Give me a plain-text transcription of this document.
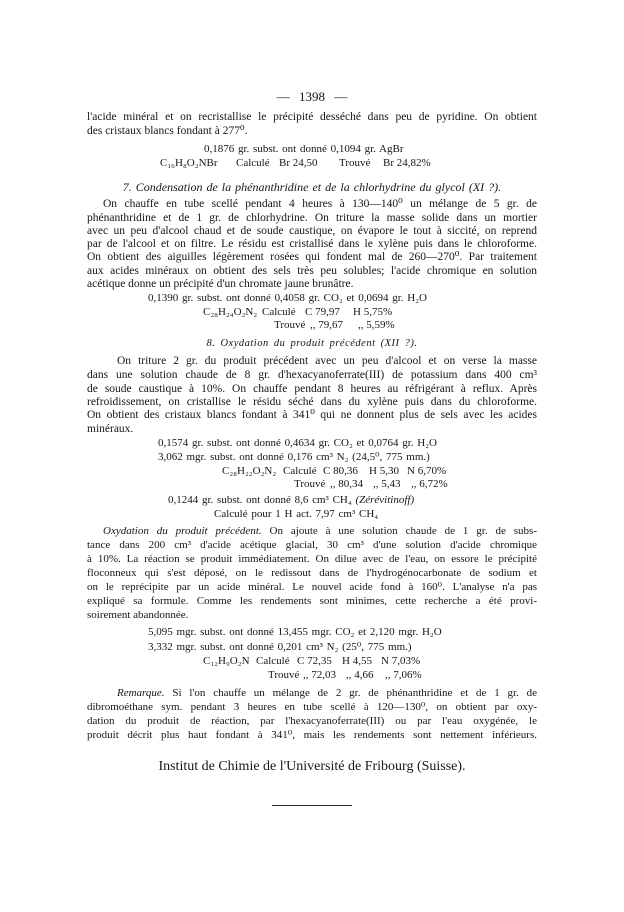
— 1398 —
l'acide minéral et on recristallise le précipité desséché dans peu de pyridine. On obtient
des cristaux blancs fondant à 277⁰.
0,1876 gr. subst. ont donné 0,1094 gr. AgBr
C₁₆H₈O₂NBr Calculé Br 24,50 Trouvé Br 24,82%
7. Condensation de la phénanthridine et de la chlorhydrine du glycol (XI ?).
On chauffe en tube scellé pendant 4 heures à 130—140⁰ un mélange de 5 gr. de
phénanthridine et de 1 gr. de chlorhydrine. On triture la masse solide dans un mortier
avec un peu d'alcool chaud et de soude caustique, on évapore le tout à siccité, on reprend
par de l'alcool et on filtre. Le résidu est cristallisé dans le xylène puis dans le chloroforme.
On obtient des aiguilles légèrement rosées qui fondent mal de 260—270⁰. Par traitement
aux acides minéraux on obtient des sels très peu solubles; l'acide chromique en solution
acétique donne un précipité d'un chromate jaune brunâtre.
0,1390 gr. subst. ont donné 0,4058 gr. CO₂ et 0,0694 gr. H₂O
C₂₈H₂₄O₂N₂ Calculé C 79,97 H 5,75%
Trouvé ,, 79,67 ,, 5,59%
8. Oxydation du produit précédent (XII ?).
On triture 2 gr. du produit précédent avec un peu d'alcool et on verse la masse
dans une solution chaude de 8 gr. d'hexacyanoferrate(III) de potassium dans 400 cm³
de soude caustique à 10%. On chauffe pendant 8 heures au réfrigérant à reflux. Après
refroidissement, on cristallise le résidu séché dans du xylène puis dans du chloroforme.
On obtient des cristaux blancs fondant à 341⁰ qui ne donnent plus de sels avec les acides
minéraux.
0,1574 gr. subst. ont donné 0,4634 gr. CO₂ et 0,0764 gr. H₂O
3,062 mgr. subst. ont donné 0,176 cm³ N₂ (24,5⁰, 775 mm.)
C₂₈H₂₂O₂N₂ Calculé C 80,36 H 5,30 N 6,70%
Trouvé ,, 80,34 ,, 5,43 ,, 6,72%
0,1244 gr. subst. ont donné 8,6 cm³ CH₄ (Zérévitinoff)
Calculé pour 1 H act. 7,97 cm³ CH₄
Oxydation du produit précédent. On ajoute à une solution chaude de 1 gr. de subs-
tance dans 200 cm³ d'acide acétique glacial, 30 cm³ d'une solution d'acide chromique
à 10%. La réaction se produit immédiatement. On dilue avec de l'eau, on essore le précipité
floconneux qui s'est déposé, on le redissout dans de l'hydrogénocarbonate de sodium et
on le reprécipite par un acide minéral. Le nouvel acide fond à 160⁰. L'analyse n'a pas
expliqué sa formule. Comme les rendements sont minimes, cette recherche a été provi-
soirement abandonnée.
5,095 mgr. subst. ont donné 13,455 mgr. CO₂ et 2,120 mgr. H₂O
3,332 mgr. subst. ont donné 0,201 cm³ N₂ (25⁰, 775 mm.)
C₁₂H₉O₂N Calculé C 72,35 H 4,55 N 7,03%
Trouvé ,, 72,03 ,, 4,66 ,, 7,06%
Remarque. Si l'on chauffe un mélange de 2 gr. de phénanthridine et de 1 gr. de
dibromoéthane sym. pendant 3 heures en tube scellé à 120—130⁰, on obtient par oxy-
dation du produit de réaction, par l'hexacyanoferrate(III) ou par l'eau oxygénée, le
produit décrit plus haut fondant à 341⁰, mais les rendements sont nettement inférieurs.
Institut de Chimie de l'Université de Fribourg (Suisse).
